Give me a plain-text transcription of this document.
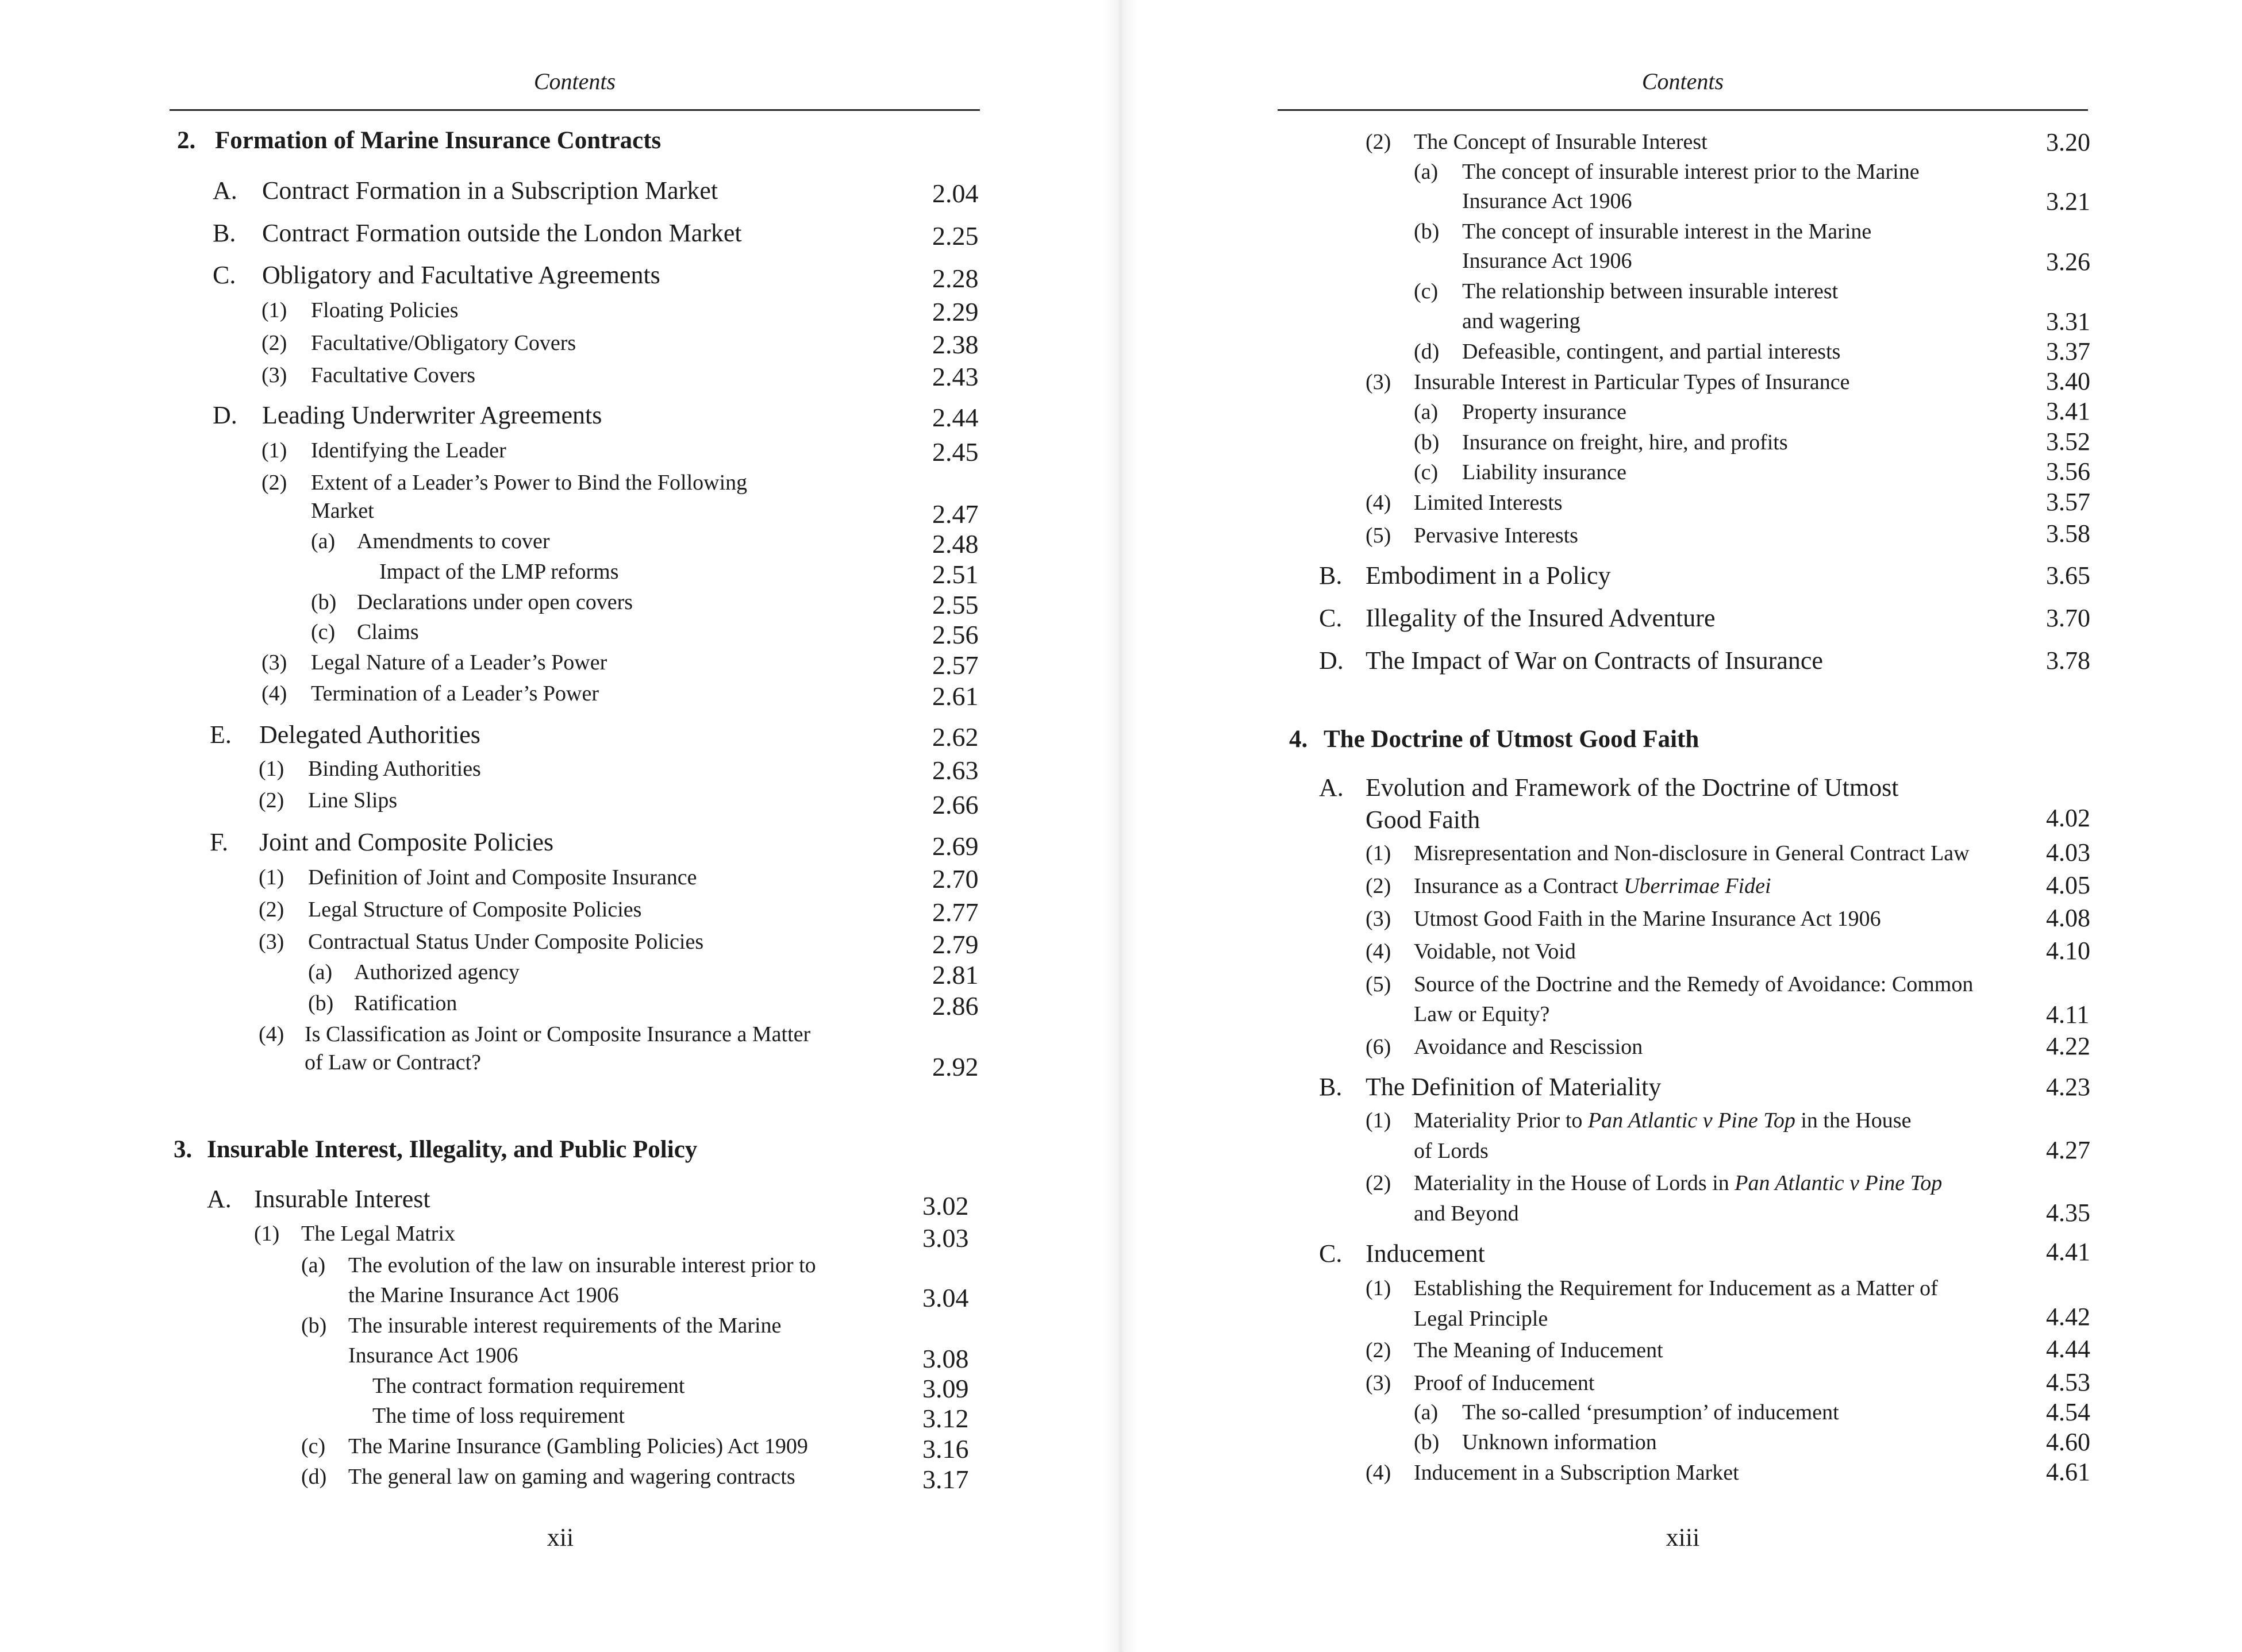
Contents
2. Formation of Marine Insurance Contracts
A. Contract Formation in a Subscription Market	2.04
B. Contract Formation outside the London Market	2.25
C. Obligatory and Facultative Agreements	2.28
(1) Floating Policies	2.29
(2) Facultative/Obligatory Covers	2.38
(3) Facultative Covers	2.43
D. Leading Underwriter Agreements	2.44
(1) Identifying the Leader	2.45
(2) Extent of a Leader’s Power to Bind the Following
Market	2.47
(a) Amendments to cover	2.48
Impact of the LMP reforms	2.51
(b) Declarations under open covers	2.55
(c) Claims	2.56
(3) Legal Nature of a Leader’s Power	2.57
(4) Termination of a Leader’s Power	2.61
E. Delegated Authorities	2.62
(1) Binding Authorities	2.63
(2) Line Slips	2.66
F. Joint and Composite Policies	2.69
(1) Definition of Joint and Composite Insurance	2.70
(2) Legal Structure of Composite Policies	2.77
(3) Contractual Status Under Composite Policies	2.79
(a) Authorized agency	2.81
(b) Ratification	2.86
(4) Is Classification as Joint or Composite Insurance a Matter
of Law or Contract?	2.92
3. Insurable Interest, Illegality, and Public Policy
A. Insurable Interest	3.02
(1) The Legal Matrix	3.03
(a) The evolution of the law on insurable interest prior to
the Marine Insurance Act 1906	3.04
(b) The insurable interest requirements of the Marine
Insurance Act 1906	3.08
The contract formation requirement	3.09
The time of loss requirement	3.12
(c) The Marine Insurance (Gambling Policies) Act 1909	3.16
(d) The general law on gaming and wagering contracts	3.17
xii
Contents
(2) The Concept of Insurable Interest	3.20
(a) The concept of insurable interest prior to the Marine
Insurance Act 1906	3.21
(b) The concept of insurable interest in the Marine
Insurance Act 1906	3.26
(c) The relationship between insurable interest
and wagering	3.31
(d) Defeasible, contingent, and partial interests	3.37
(3) Insurable Interest in Particular Types of Insurance	3.40
(a) Property insurance	3.41
(b) Insurance on freight, hire, and profits	3.52
(c) Liability insurance	3.56
(4) Limited Interests	3.57
(5) Pervasive Interests	3.58
B. Embodiment in a Policy	3.65
C. Illegality of the Insured Adventure	3.70
D. The Impact of War on Contracts of Insurance	3.78
4. The Doctrine of Utmost Good Faith
A. Evolution and Framework of the Doctrine of Utmost
Good Faith	4.02
(1) Misrepresentation and Non-disclosure in General Contract Law	4.03
(2) Insurance as a Contract Uberrimae Fidei	4.05
(3) Utmost Good Faith in the Marine Insurance Act 1906	4.08
(4) Voidable, not Void	4.10
(5) Source of the Doctrine and the Remedy of Avoidance: Common
Law or Equity?	4.11
(6) Avoidance and Rescission	4.22
B. The Definition of Materiality	4.23
(1) Materiality Prior to Pan Atlantic v Pine Top in the House
of Lords	4.27
(2) Materiality in the House of Lords in Pan Atlantic v Pine Top
and Beyond	4.35
C. Inducement	4.41
(1) Establishing the Requirement for Inducement as a Matter of
Legal Principle	4.42
(2) The Meaning of Inducement	4.44
(3) Proof of Inducement	4.53
(a) The so-called ‘presumption’ of inducement	4.54
(b) Unknown information	4.60
(4) Inducement in a Subscription Market	4.61
xiii
